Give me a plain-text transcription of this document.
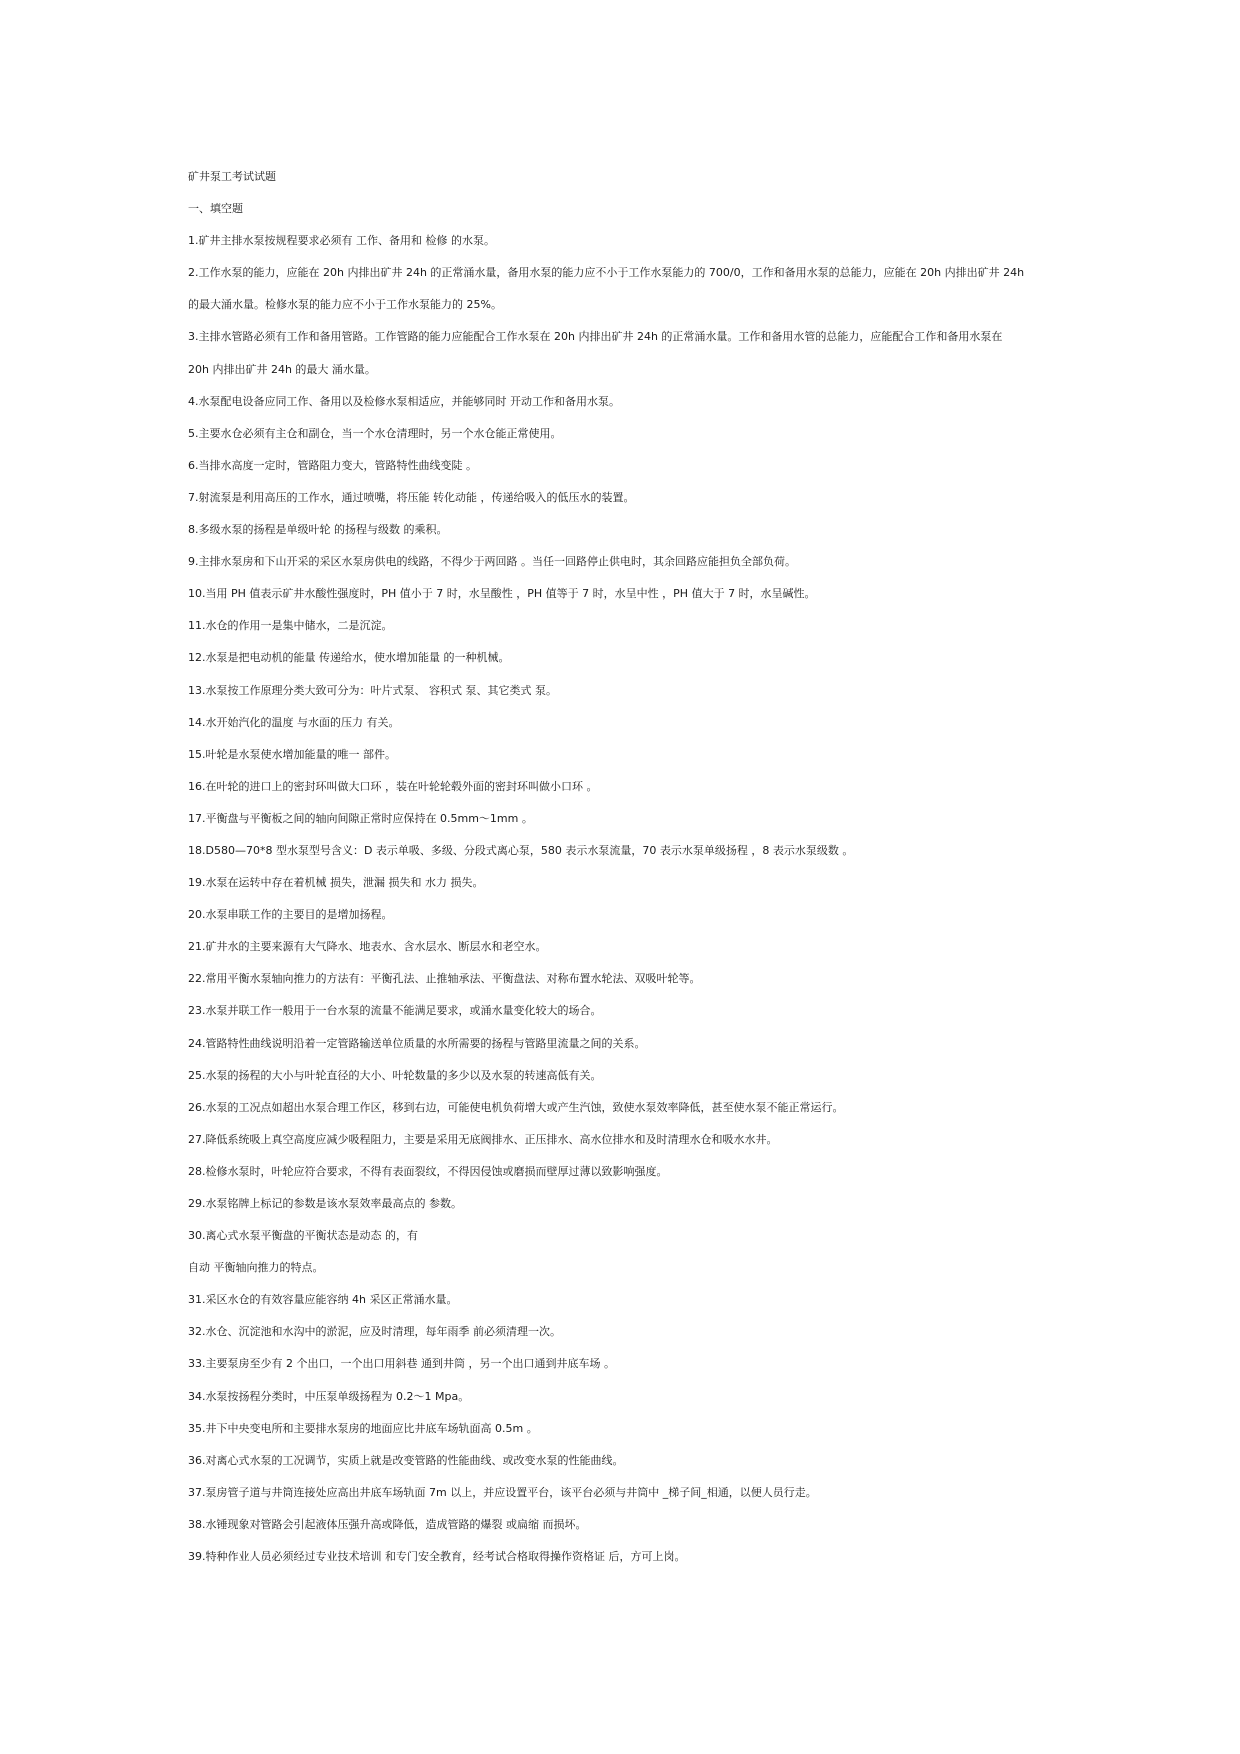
矿井泵工考试试题
一、填空题
1.矿井主排水泵按规程要求必须有 工作、备用和 检修 的水泵。
2.工作水泵的能力，应能在 20h 内排出矿井 24h 的正常涌水量，备用水泵的能力应不小于工作水泵能力的 700/0，工作和备用水泵的总能力，应能在 20h 内排出矿井 24h
的最大涌水量。检修水泵的能力应不小于工作水泵能力的 25%。
3.主排水管路必须有工作和备用管路。工作管路的能力应能配合工作水泵在 20h 内排出矿井 24h 的正常涌水量。工作和备用水管的总能力，应能配合工作和备用水泵在
20h 内排出矿井 24h 的最大 涌水量。
4.水泵配电设备应同工作、备用以及检修水泵相适应，并能够同时 开动工作和备用水泵。
5.主要水仓必须有主仓和副仓，当一个水仓清理时，另一个水仓能正常使用。
6.当排水高度一定时，管路阻力变大，管路特性曲线变陡 。
7.射流泵是利用高压的工作水，通过喷嘴，将压能 转化动能 ，传递给吸入的低压水的装置。
8.多级水泵的扬程是单级叶轮 的扬程与级数 的乘积。
9.主排水泵房和下山开采的采区水泵房供电的线路，不得少于两回路 。当任一回路停止供电时，其余回路应能担负全部负荷。
10.当用 PH 值表示矿井水酸性强度时，PH 值小于 7 时，水呈酸性 ，PH 值等于 7 时，水呈中性 ，PH 值大于 7 时，水呈碱性。
11.水仓的作用一是集中储水，二是沉淀。
12.水泵是把电动机的能量 传递给水，使水增加能量 的一种机械。
13.水泵按工作原理分类大致可分为：叶片式泵、 容积式 泵、其它类式 泵。
14.水开始汽化的温度 与水面的压力 有关。
15.叶轮是水泵使水增加能量的唯一 部件。
16.在叶轮的进口上的密封环叫做大口环 ，装在叶轮轮毂外面的密封环叫做小口环 。
17.平衡盘与平衡板之间的轴向间隙正常时应保持在 0.5mm～1mm 。
18.D580—70*8 型水泵型号含义：D 表示单吸、多级、分段式离心泵，580 表示水泵流量，70 表示水泵单级扬程 ，8 表示水泵级数 。
19.水泵在运转中存在着机械 损失，泄漏 损失和 水力 损失。
20.水泵串联工作的主要目的是增加扬程。
21.矿井水的主要来源有大气降水、地表水、含水层水、断层水和老空水。
22.常用平衡水泵轴向推力的方法有：平衡孔法、止推轴承法、平衡盘法、对称布置水轮法、双吸叶轮等。
23.水泵并联工作一般用于一台水泵的流量不能满足要求，或涌水量变化较大的场合。
24.管路特性曲线说明沿着一定管路输送单位质量的水所需要的扬程与管路里流量之间的关系。
25.水泵的扬程的大小与叶轮直径的大小、叶轮数量的多少以及水泵的转速高低有关。
26.水泵的工况点如超出水泵合理工作区，移到右边，可能使电机负荷增大或产生汽蚀，致使水泵效率降低，甚至使水泵不能正常运行。
27.降低系统吸上真空高度应减少吸程阻力，主要是采用无底阀排水、正压排水、高水位排水和及时清理水仓和吸水水井。
28.检修水泵时，叶轮应符合要求，不得有表面裂纹，不得因侵蚀或磨损而壁厚过薄以致影响强度。
29.水泵铭牌上标记的参数是该水泵效率最高点的 参数。
30.离心式水泵平衡盘的平衡状态是动态 的，有
自动 平衡轴向推力的特点。
31.采区水仓的有效容量应能容纳 4h 采区正常涌水量。
32.水仓、沉淀池和水沟中的淤泥，应及时清理，每年雨季 前必须清理一次。
33.主要泵房至少有 2 个出口，一个出口用斜巷 通到井筒 ，另一个出口通到井底车场 。
34.水泵按扬程分类时，中压泵单级扬程为 0.2～1 Mpa。
35.井下中央变电所和主要排水泵房的地面应比井底车场轨面高 0.5m 。
36.对离心式水泵的工况调节，实质上就是改变管路的性能曲线、或改变水泵的性能曲线。
37.泵房管子道与井筒连接处应高出井底车场轨面 7m 以上，并应设置平台，该平台必须与井筒中 _梯子间_相通，以便人员行走。
38.水锤现象对管路会引起液体压强升高或降低，造成管路的爆裂 或扁缩 而损坏。
39.特种作业人员必须经过专业技术培训 和专门安全教育，经考试合格取得操作资格证 后，方可上岗。
